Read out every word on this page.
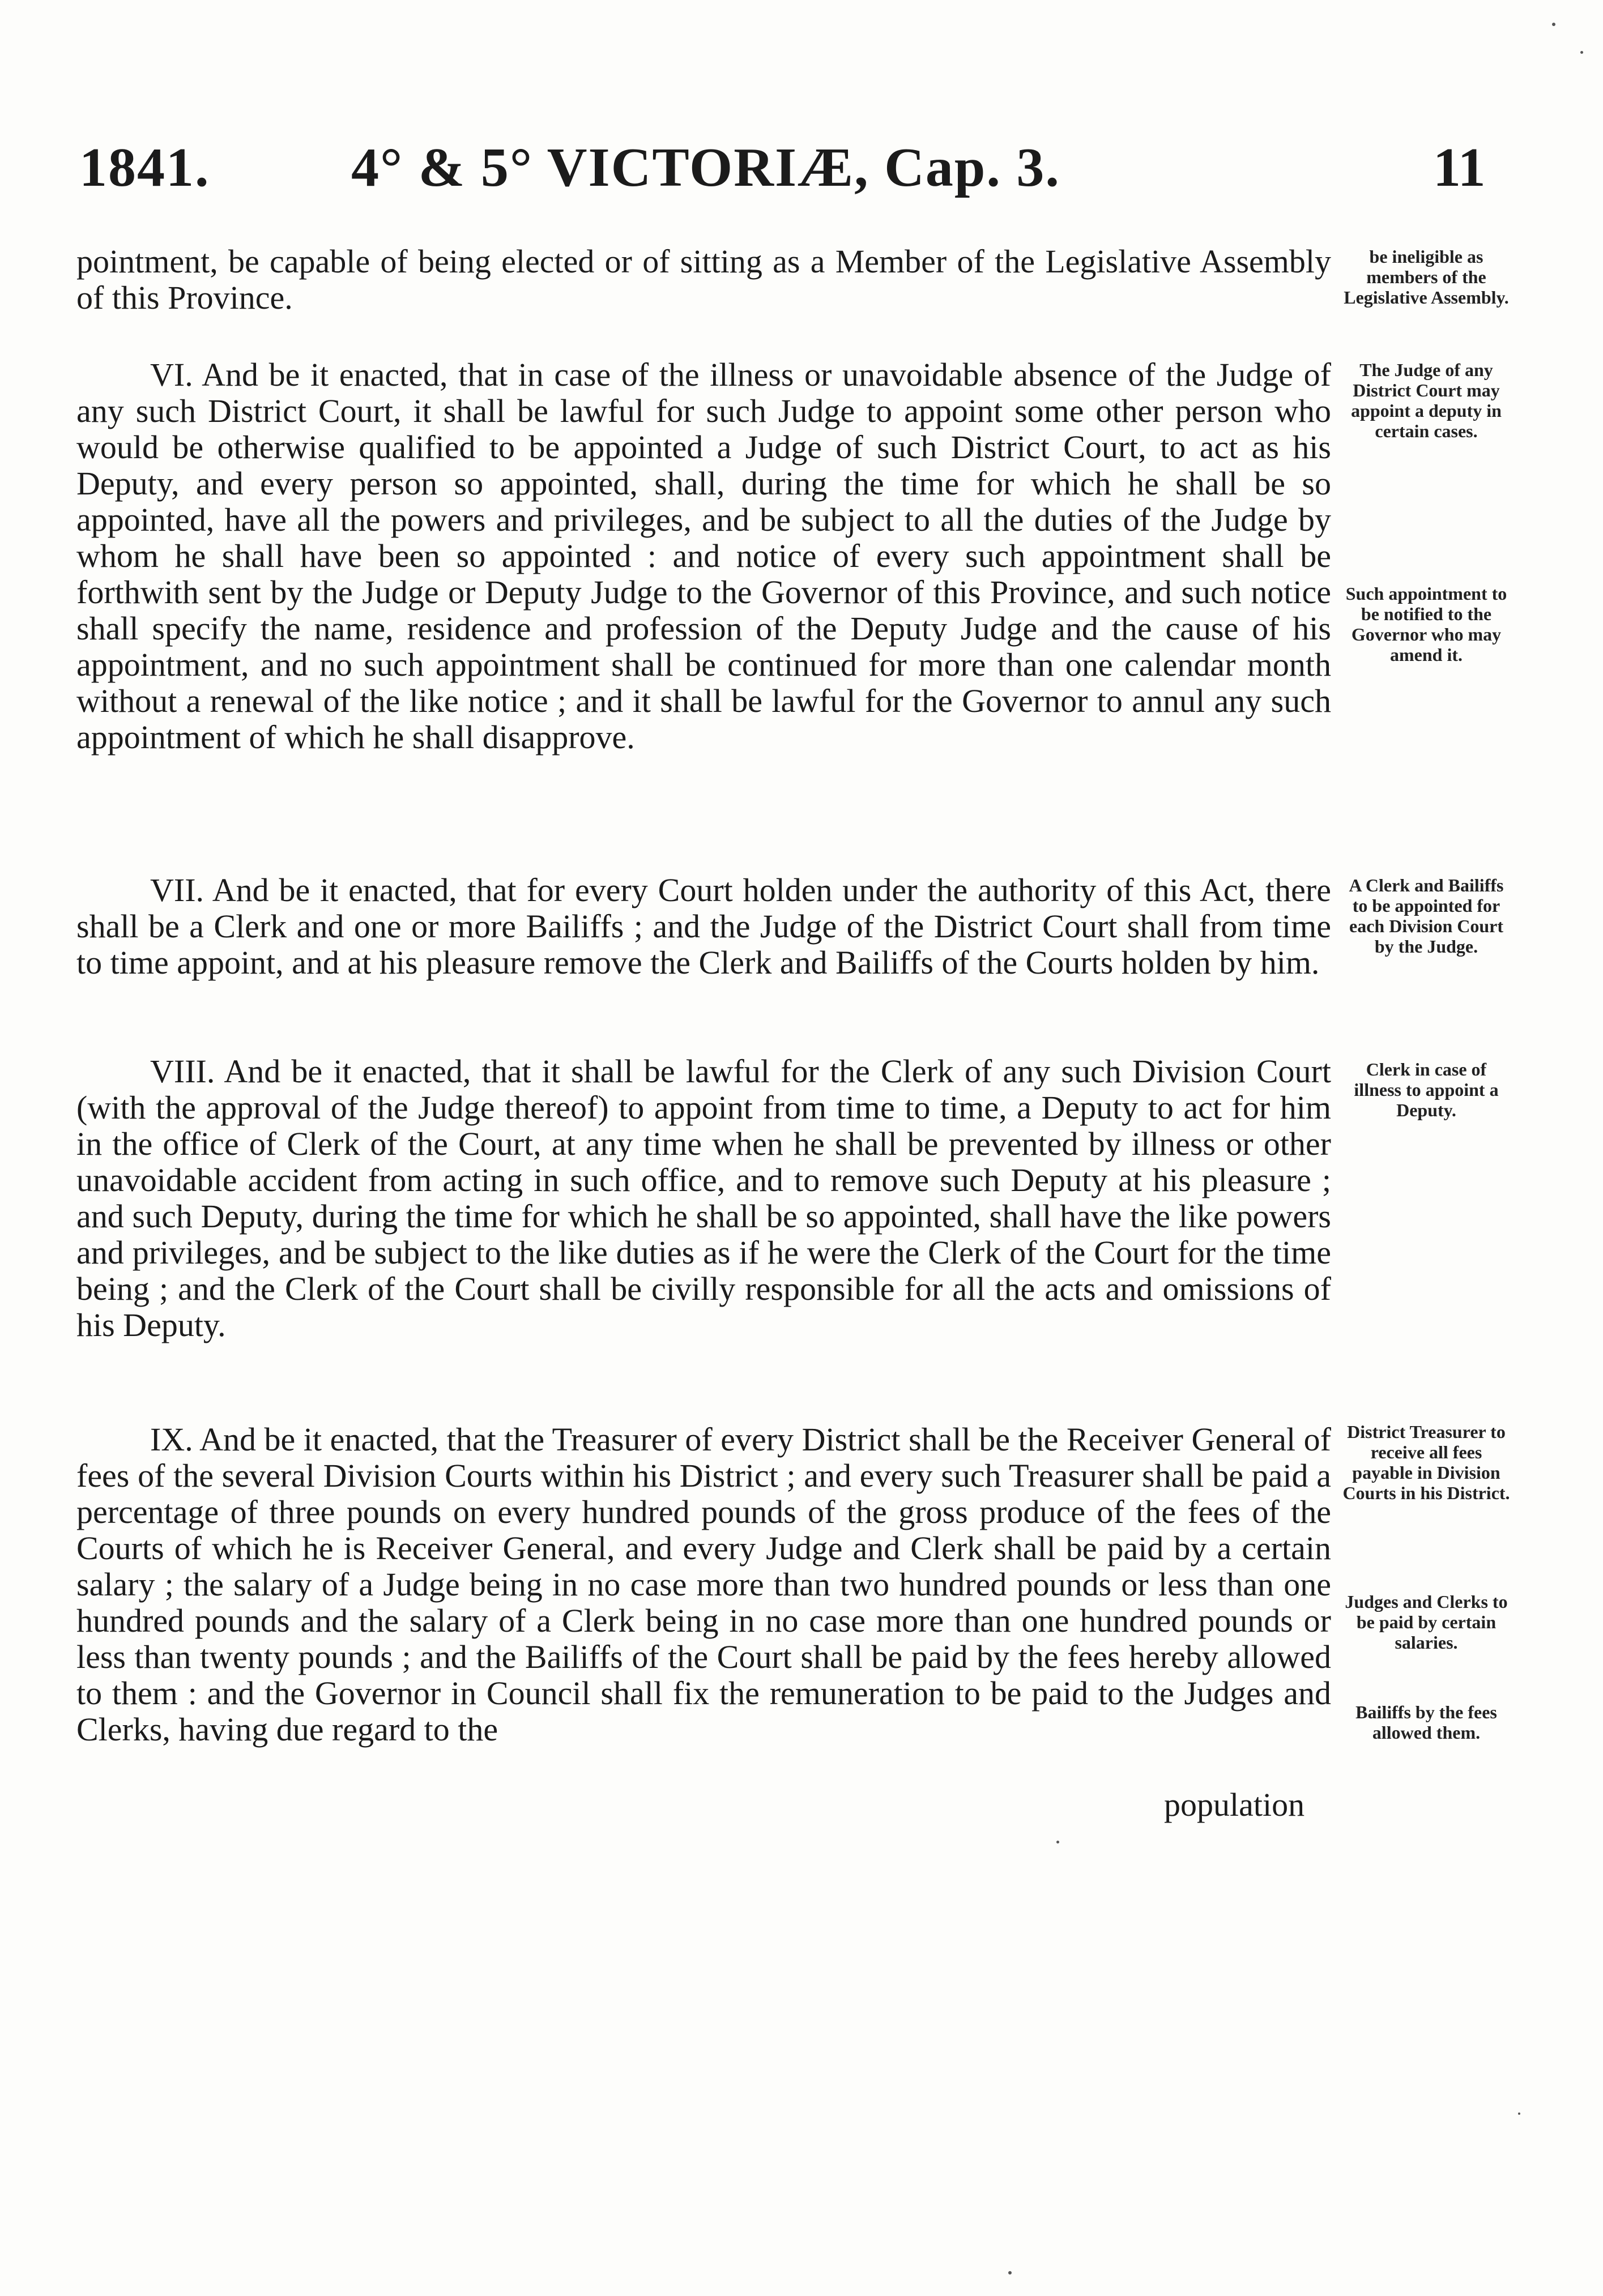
1841.	4° & 5° VICTORIÆ, Cap. 3.	11

pointment, be capable of being elected or of sitting as a Member of the Legislative Assembly of this Province.

VI. And be it enacted, that in case of the illness or unavoidable absence of the Judge of any such District Court, it shall be lawful for such Judge to appoint some other person who would be otherwise qualified to be appointed a Judge of such District Court, to act as his Deputy, and every person so appointed, shall, during the time for which he shall be so appointed, have all the powers and privileges, and be subject to all the duties of the Judge by whom he shall have been so appointed : and notice of every such appointment shall be forthwith sent by the Judge or Deputy Judge to the Governor of this Province, and such notice shall specify the name, residence and profession of the Deputy Judge and the cause of his appointment, and no such appointment shall be continued for more than one calendar month without a renewal of the like notice ; and it shall be lawful for the Governor to annul any such appointment of which he shall disapprove.

VII. And be it enacted, that for every Court holden under the authority of this Act, there shall be a Clerk and one or more Bailiffs ; and the Judge of the District Court shall from time to time appoint, and at his pleasure remove the Clerk and Bailiffs of the Courts holden by him.

VIII. And be it enacted, that it shall be lawful for the Clerk of any such Division Court (with the approval of the Judge thereof) to appoint from time to time, a Deputy to act for him in the office of Clerk of the Court, at any time when he shall be prevented by illness or other unavoidable accident from acting in such office, and to remove such Deputy at his pleasure ; and such Deputy, during the time for which he shall be so appointed, shall have the like powers and privileges, and be subject to the like duties as if he were the Clerk of the Court for the time being ; and the Clerk of the Court shall be civilly responsible for all the acts and omissions of his Deputy.

IX. And be it enacted, that the Treasurer of every District shall be the Receiver General of fees of the several Division Courts within his District ; and every such Treasurer shall be paid a percentage of three pounds on every hundred pounds of the gross produce of the fees of the Courts of which he is Receiver General, and every Judge and Clerk shall be paid by a certain salary ; the salary of a Judge being in no case more than two hundred pounds or less than one hundred pounds and the salary of a Clerk being in no case more than one hundred pounds or less than twenty pounds ; and the Bailiffs of the Court shall be paid by the fees hereby allowed to them : and the Governor in Council shall fix the remuneration to be paid to the Judges and Clerks, having due regard to the

population
be ineligible as members of the Legislative Assembly.
The Judge of any District Court may appoint a deputy in certain cases.
Such appointment to be notified to the Governor who may amend it.
A Clerk and Bailiffs to be appointed for each Division Court by the Judge.
Clerk in case of illness to appoint a Deputy.
District Treasurer to receive all fees payable in Division Courts in his District.
Judges and Clerks to be paid by certain salaries.
Bailiffs by the fees allowed them.
